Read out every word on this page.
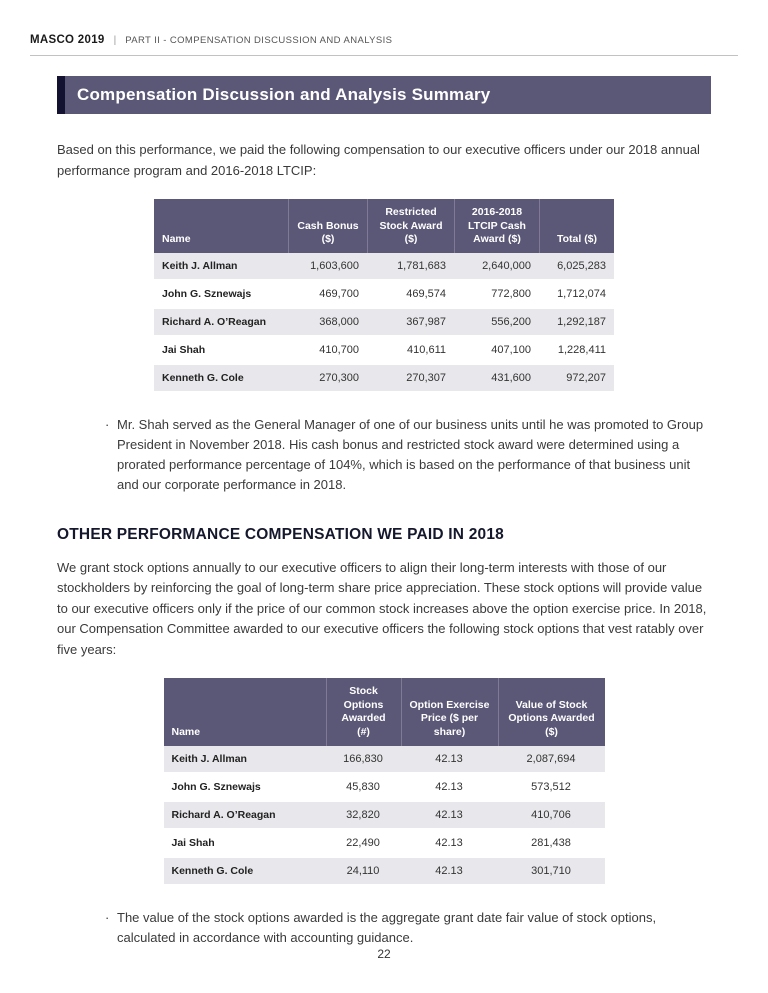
MASCO 2019 | PART II - COMPENSATION DISCUSSION AND ANALYSIS
Compensation Discussion and Analysis Summary

Based on this performance, we paid the following compensation to our executive officers under our 2018 annual performance program and 2016-2018 LTCIP:

Name	Cash Bonus ($)	Restricted Stock Award ($)	2016-2018 LTCIP Cash Award ($)	Total ($)
Keith J. Allman	1,603,600	1,781,683	2,640,000	6,025,283
John G. Sznewajs	469,700	469,574	772,800	1,712,074
Richard A. O’Reagan	368,000	367,987	556,200	1,292,187
Jai Shah	410,700	410,611	407,100	1,228,411
Kenneth G. Cole	270,300	270,307	431,600	972,207
· Mr. Shah served as the General Manager of one of our business units until he was promoted to Group President in November 2018. His cash bonus and restricted stock award were determined using a prorated performance percentage of 104%, which is based on the performance of that business unit and our corporate performance in 2018.
OTHER PERFORMANCE COMPENSATION WE PAID IN 2018

We grant stock options annually to our executive officers to align their long-term interests with those of our stockholders by reinforcing the goal of long-term share price appreciation. These stock options will provide value to our executive officers only if the price of our common stock increases above the option exercise price. In 2018, our Compensation Committee awarded to our executive officers the following stock options that vest ratably over five years:

Name	Stock Options Awarded (#)	Option Exercise Price ($ per share)	Value of Stock Options Awarded ($)
Keith J. Allman	166,830	42.13	2,087,694
John G. Sznewajs	45,830	42.13	573,512
Richard A. O’Reagan	32,820	42.13	410,706
Jai Shah	22,490	42.13	281,438
Kenneth G. Cole	24,110	42.13	301,710
· The value of the stock options awarded is the aggregate grant date fair value of stock options, calculated in accordance with accounting guidance.
22
